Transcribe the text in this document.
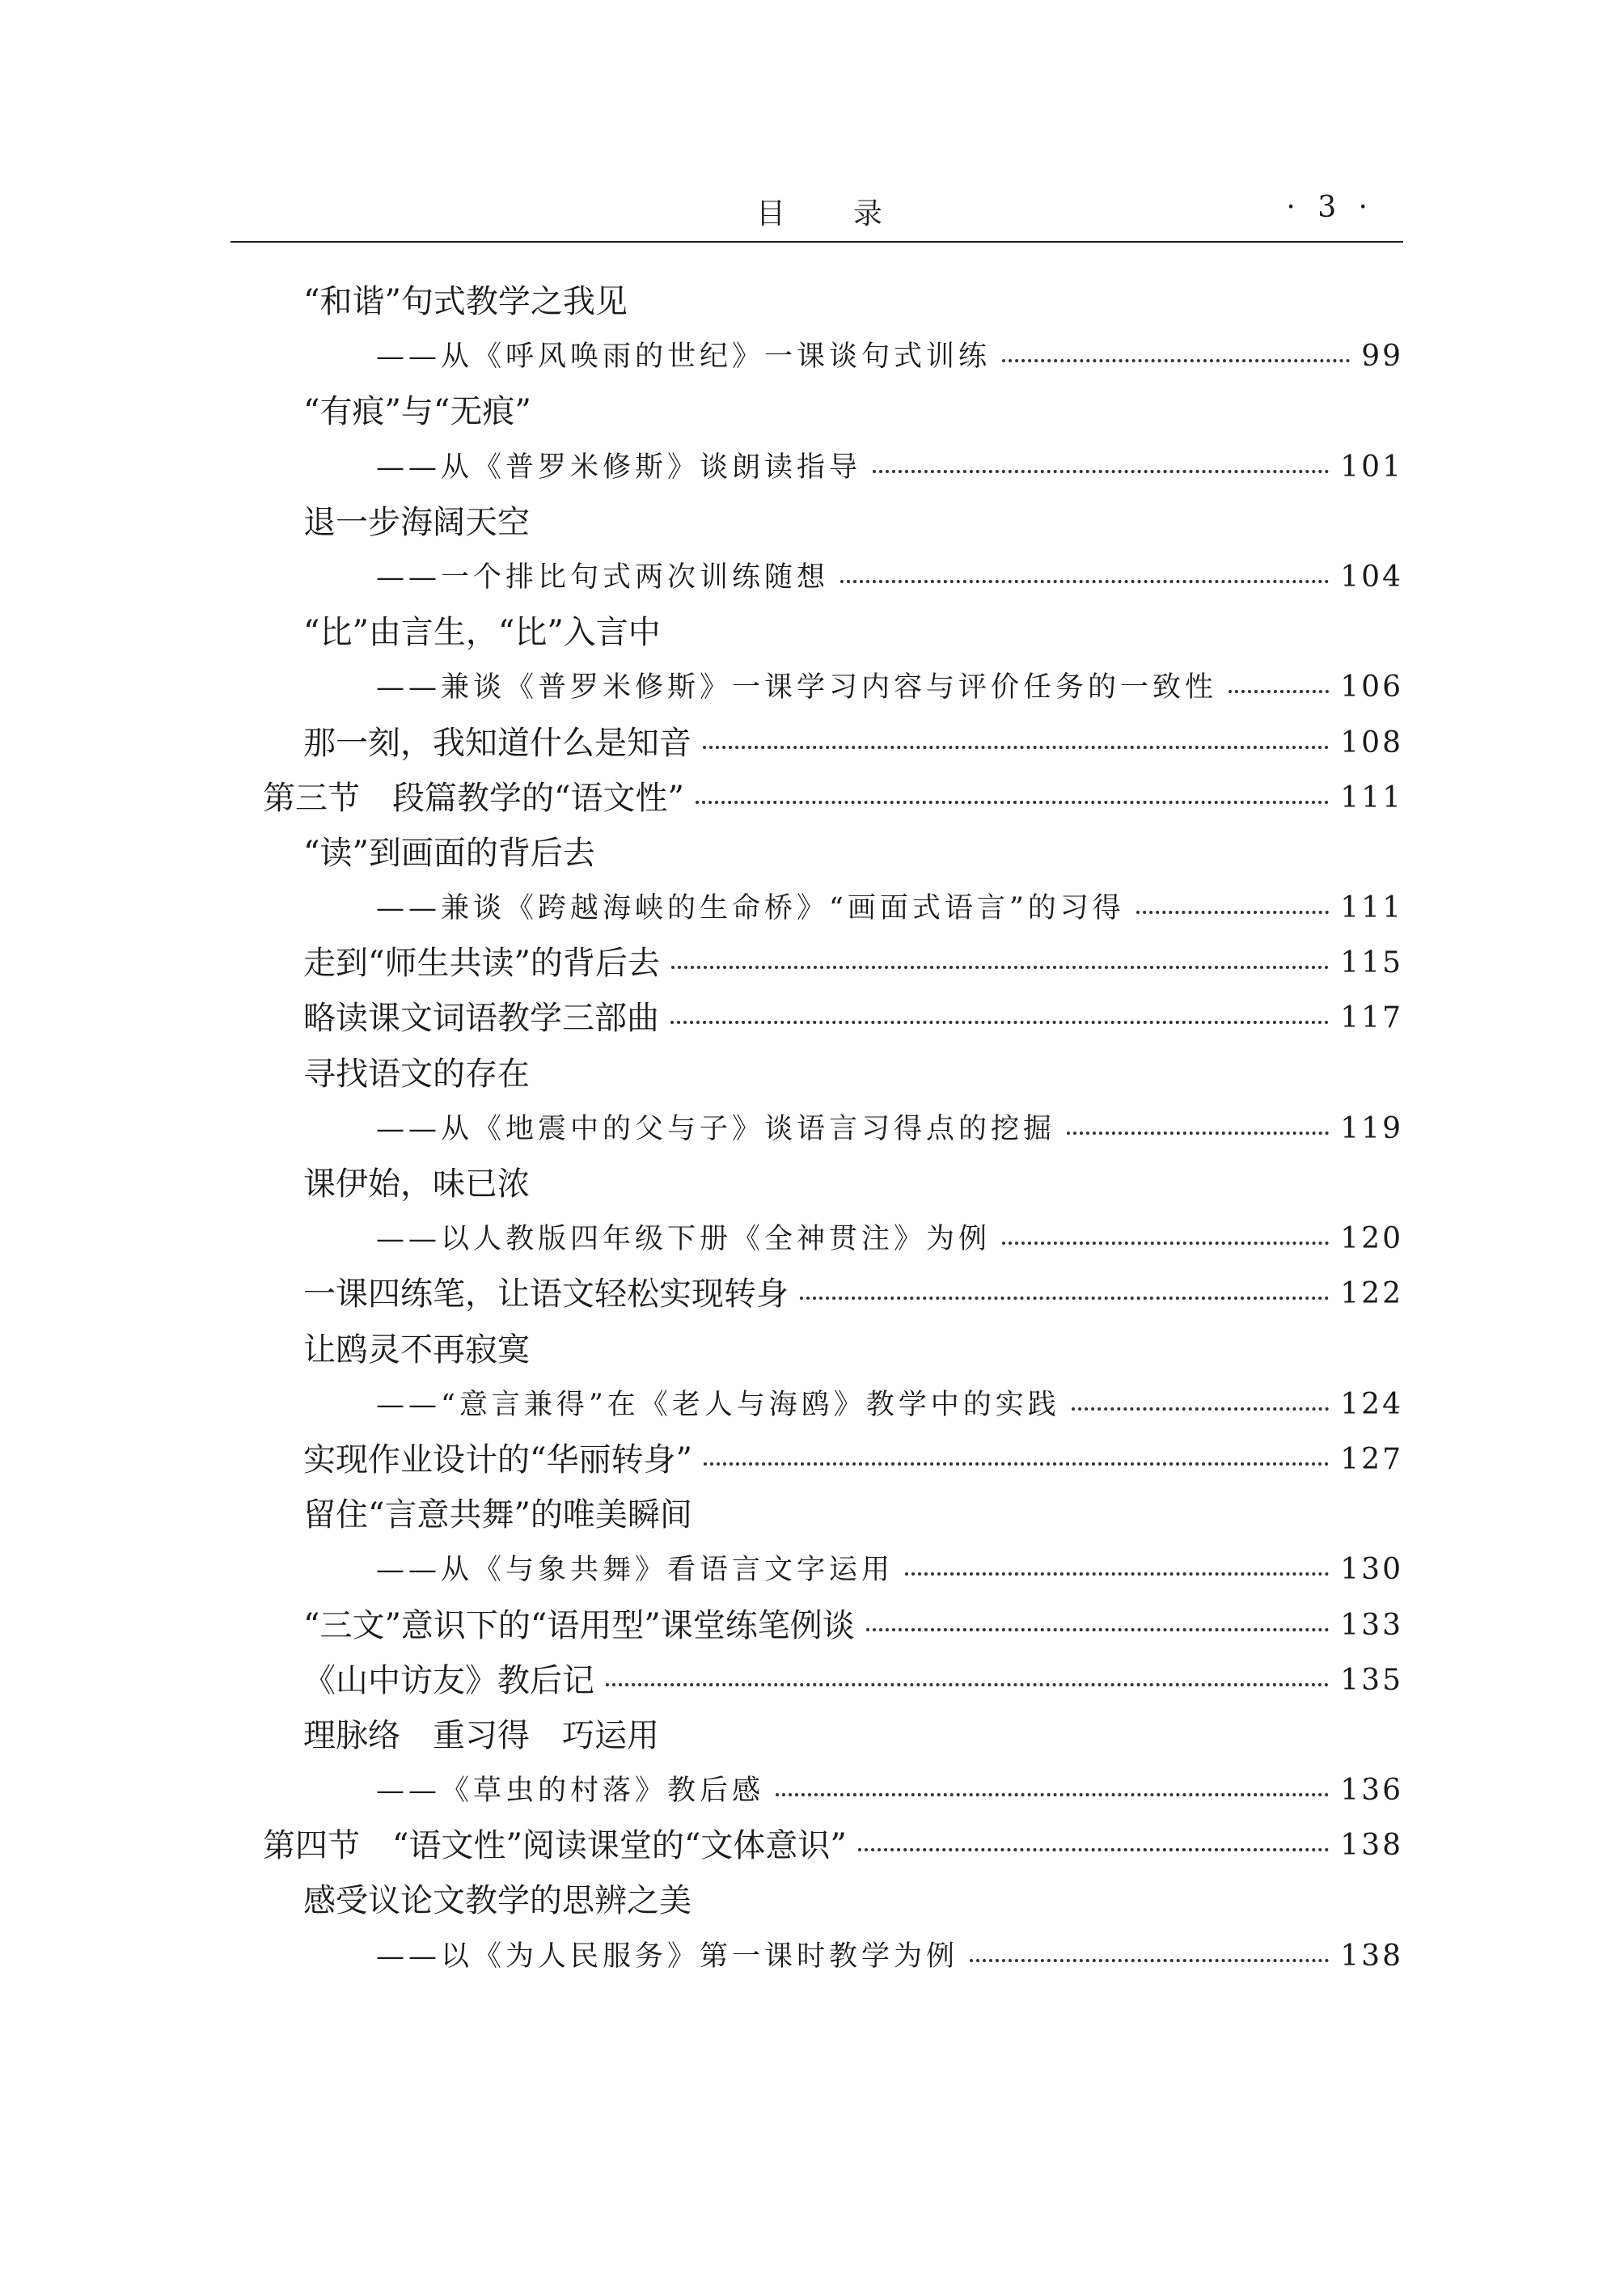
目录	· 3 ·
“和谐”句式教学之我见
——从《呼风唤雨的世纪》一课谈句式训练	99
“有痕”与“无痕”
——从《普罗米修斯》谈朗读指导	101
退一步海阔天空
——一个排比句式两次训练随想	104
“比”由言生，“比”入言中
——兼谈《普罗米修斯》一课学习内容与评价任务的一致性	106
那一刻，我知道什么是知音	108
第三节　段篇教学的“语文性”	111
“读”到画面的背后去
——兼谈《跨越海峡的生命桥》“画面式语言”的习得	111
走到“师生共读”的背后去	115
略读课文词语教学三部曲	117
寻找语文的存在
——从《地震中的父与子》谈语言习得点的挖掘	119
课伊始，味已浓
——以人教版四年级下册《全神贯注》为例	120
一课四练笔，让语文轻松实现转身	122
让鸥灵不再寂寞
——“意言兼得”在《老人与海鸥》教学中的实践	124
实现作业设计的“华丽转身”	127
留住“言意共舞”的唯美瞬间
——从《与象共舞》看语言文字运用	130
“三文”意识下的“语用型”课堂练笔例谈	133
《山中访友》教后记	135
理脉络　重习得　巧运用
——《草虫的村落》教后感	136
第四节　“语文性”阅读课堂的“文体意识”	138
感受议论文教学的思辨之美
——以《为人民服务》第一课时教学为例	138
